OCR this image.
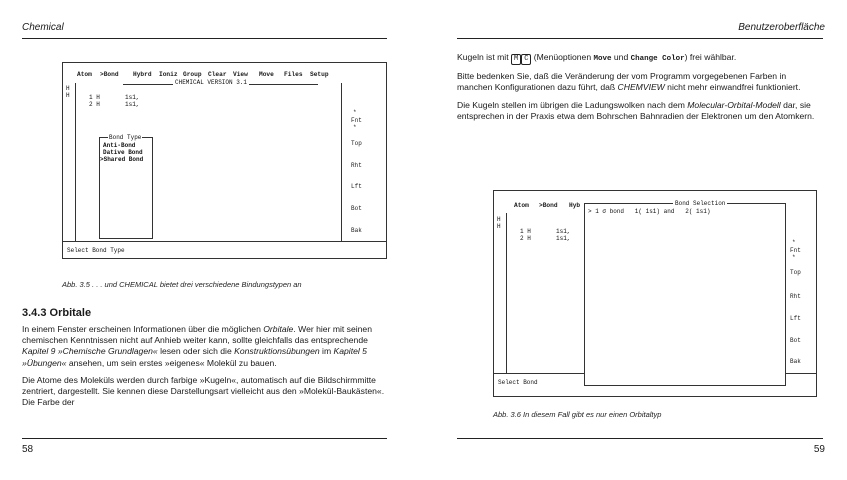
Chemical
Atom >Bond Hybrd Ioniz Group Clear View Move Files Setup
CHEMICAL VERSION 3.1
H
H	1 H       1s1,
2 H       1s1,
Bond Type
Anti-Bond
Dative Bond
>Shared Bond
*
Fnt
*
Top
Rht
Lft
Bot
Bak
Select Bond Type
Abb. 3.5 . . . und CHEMICAL bietet drei verschiedene Bindungstypen an
3.4.3 Orbitale

In einem Fenster erscheinen Informationen über die möglichen Orbitale. Wer hier mit seinen chemischen Kenntnissen nicht auf Anhieb weiter kann, sollte gleichfalls das entsprechende Kapitel 9 »Chemische Grundlagen« lesen oder sich die Konstruktionsübungen im Kapitel 5 »Übungen« ansehen, um sein erstes »eigenes« Molekül zu bauen.

Die Atome des Moleküls werden durch farbige »Kugeln«, automatisch auf die Bildschirmmitte zentriert, dargestellt. Sie kennen diese Darstellungsart vielleicht aus den »Molekül-Baukästen«. Die Farbe der

58
Benutzeroberfläche

Kugeln ist mit M C (Menüoptionen Move und Change Color) frei wählbar.

Bitte bedenken Sie, daß die Veränderung der vom Programm vorgegebenen Farben in manchen Konfigurationen dazu führt, daß CHEMVIEW nicht mehr einwandfrei funktioniert.

Die Kugeln stellen im übrigen die Ladungswolken nach dem Molecular-Orbital-Modell dar, sie entsprechen in der Praxis etwa dem Bohrschen Bahnradien der Elektronen um den Atomkern.

Atom >Bond Hyb
H
H
1 H       1s1,
2 H       1s1,
*
Fnt
*
Top
Rht
Lft
Bot
Bak
Select Bond
Bond Selection
> 1 σ bond   1( 1s1) and   2( 1s1)
Abb. 3.6 In diesem Fall gibt es nur einen Orbitaltyp
59
